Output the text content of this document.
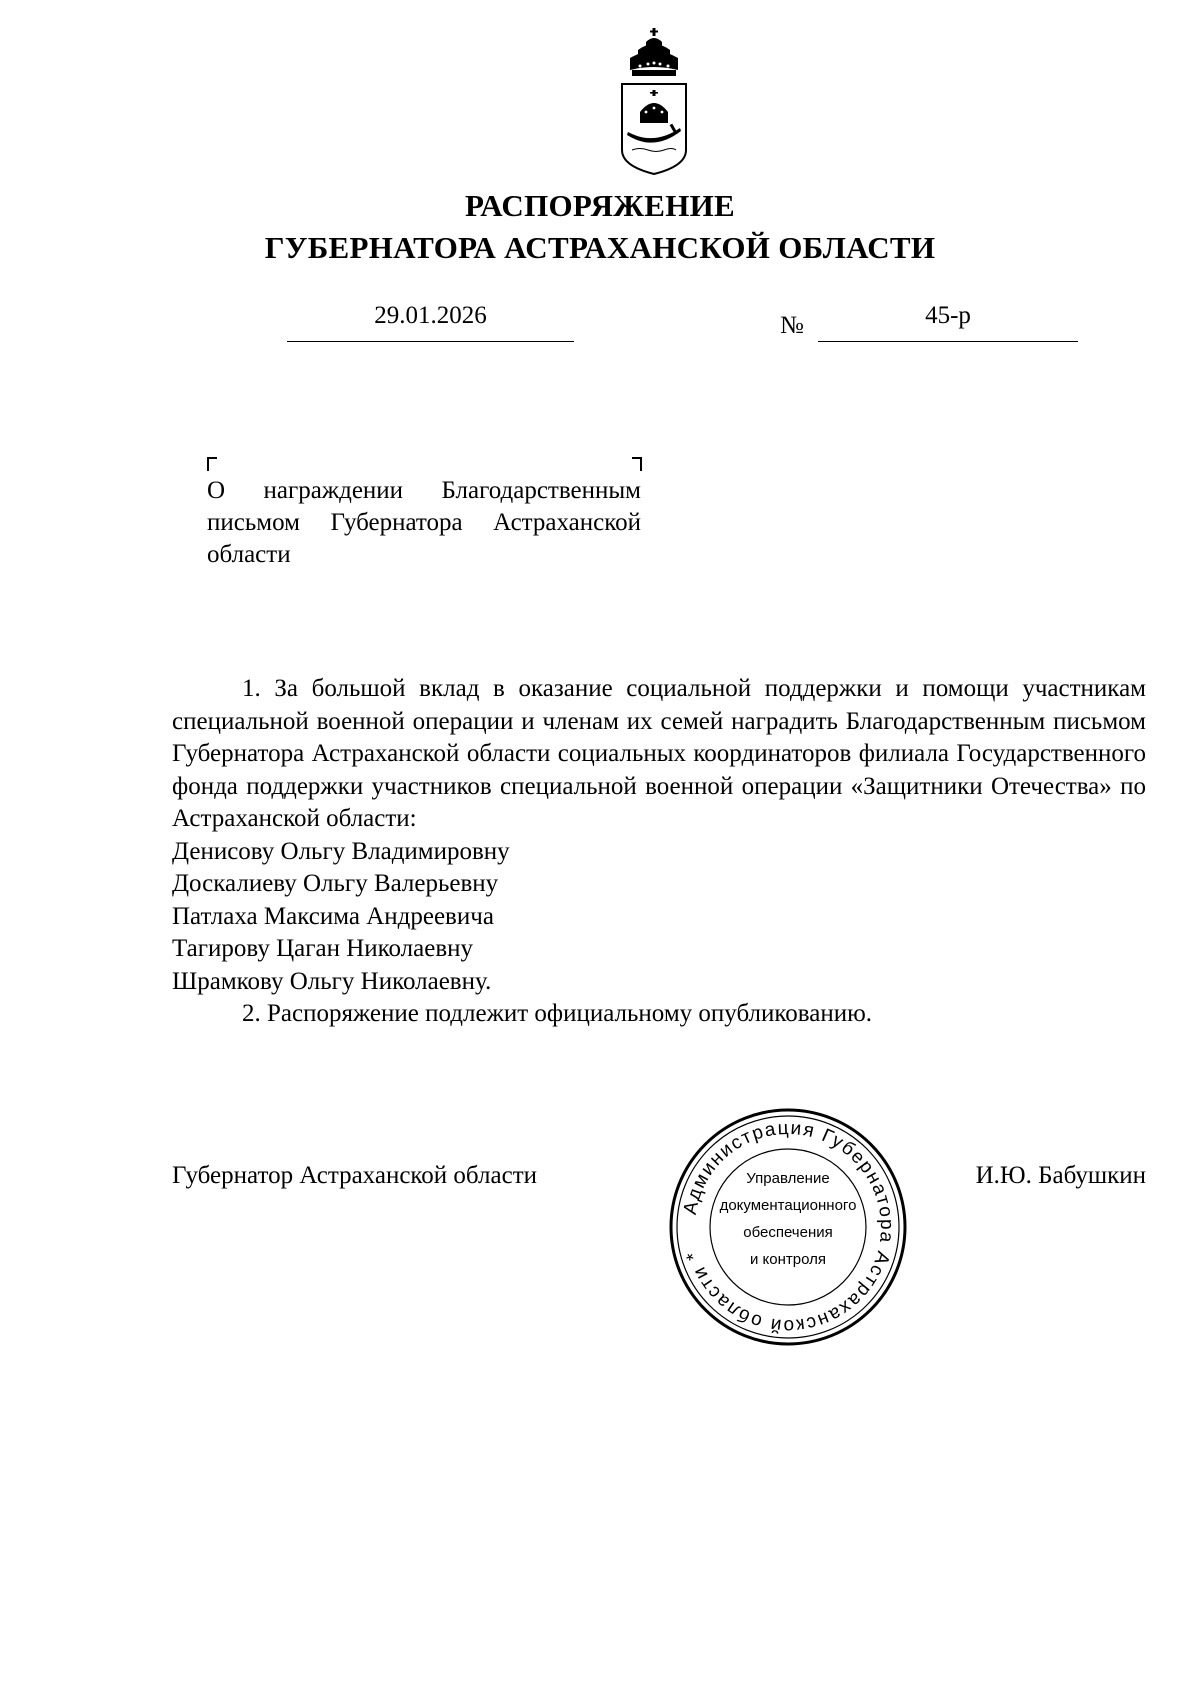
РАСПОРЯЖЕНИЕ
ГУБЕРНАТОРА АСТРАХАНСКОЙ ОБЛАСТИ
29.01.2026	№	45-р
О награждении Благодарственным
письмом Губернатора Астраханской
области

1. За большой вклад в оказание социальной поддержки и помощи участникам специальной военной операции и членам их семей наградить Благодарственным письмом Губернатора Астраханской области социальных координаторов филиала Государственного фонда поддержки участников специальной военной операции «Защитники Отечества» по Астраханской области:

Денисову Ольгу Владимировну

Доскалиеву Ольгу Валерьевну

Патлаха Максима Андреевича

Тагирову Цаган Николаевну

Шрамкову Ольгу Николаевну.

2. Распоряжение подлежит официальному опубликованию.

Губернатор Астраханской области	И.Ю. Бабушкин
Администрация Губернатора Астраханской области *
Управление
документационного
обеспечения
и контроля
